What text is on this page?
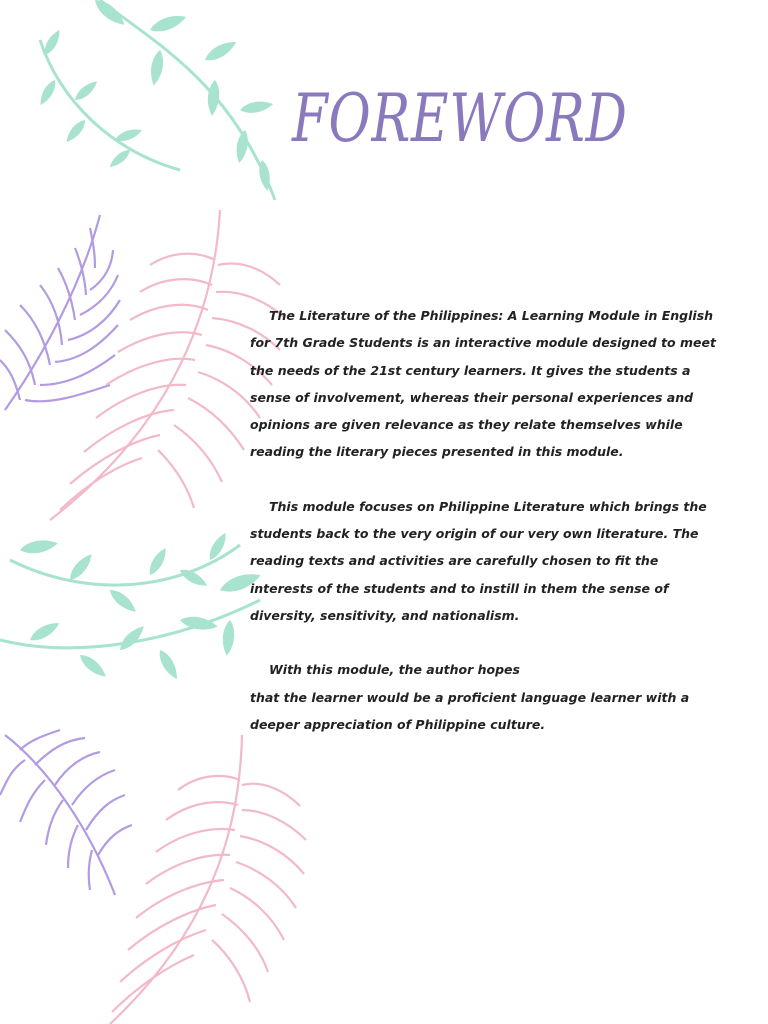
FOREWORD

The Literature of the Philippines: A Learning Module in English for 7th Grade Students is an interactive module designed to meet the needs of the 21st century learners. It gives the students a sense of involvement, whereas their personal experiences and opinions are given relevance as they relate themselves while reading the literary pieces presented in this module.

This module focuses on Philippine Literature which brings the students back to the very origin of our very own literature. The reading texts and activities are carefully chosen to fit the interests of the students and to instill in them the sense of diversity, sensitivity, and nationalism.

With this module, the author hopes
that the learner would be a proficient language learner with a deeper appreciation of Philippine culture.
